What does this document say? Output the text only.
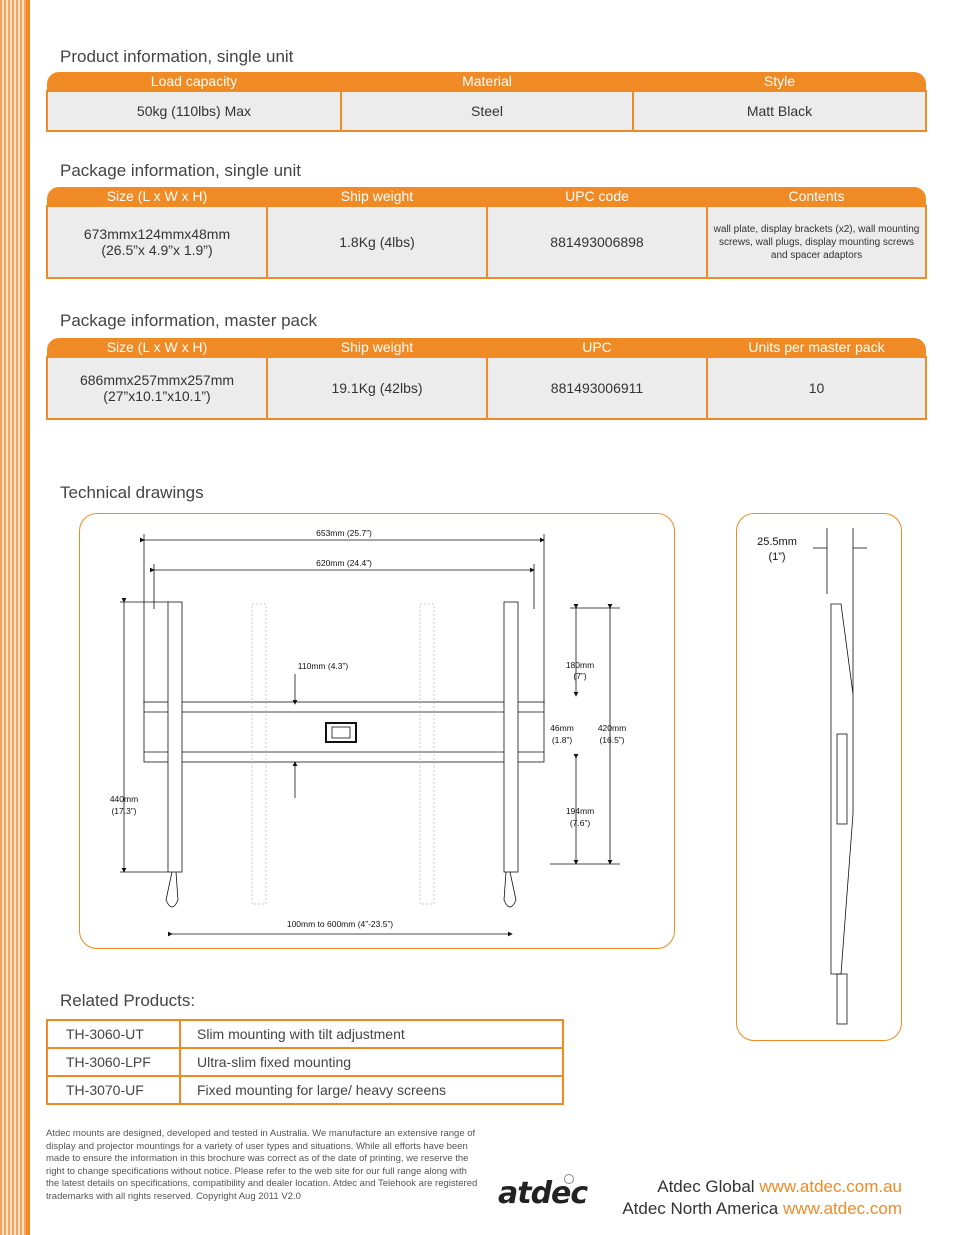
Product information, single unit
Load capacity	Material	Style
50kg (110lbs) Max	Steel	Matt Black
Package information, single unit
Size (L x W x H)	Ship weight	UPC code	Contents

673mmx124mmx48mm
(26.5”x 4.9”x 1.9”)	1.8Kg (4lbs)	881493006898	wall plate, display brackets (x2), wall mounting screws, wall plugs, display mounting screws and spacer adaptors
Package information, master pack
Size (L x W x H)	Ship weight	UPC	Units per master pack

686mmx257mmx257mm
(27”x10.1”x10.1”)	19.1Kg (42lbs)	881493006911	10
Technical drawings
653mm (25.7”)
620mm (24.4”)
110mm (4.3”)	180mm
(7”)
46mm
(1.8”)
420mm
(16.5”)
440mm
(17.3”)	194mm
(7.6”)
100mm to 600mm (4”-23.5”)
25.5mm
(1”)
Related Products:
TH-3060-UT	Slim mounting with tilt adjustment
TH-3060-LPF	Ultra-slim fixed mounting
TH-3070-UF	Fixed mounting for large/ heavy screens
Atdec mounts are designed, developed and tested in Australia. We manufacture an extensive range of display and projector mountings for a variety of user types and situations. While all efforts have been made to ensure the information in this brochure was correct as of the date of printing, we reserve the right to change specifications without notice. Please refer to the web site for our full range along with the latest details on specifications, compatibility and dealer location. Atdec and Telehook are registered trademarks with all rights reserved. Copyright Aug 2011 V2.0	atdec	Atdec Global www.atdec.com.au
Atdec North America www.atdec.com
